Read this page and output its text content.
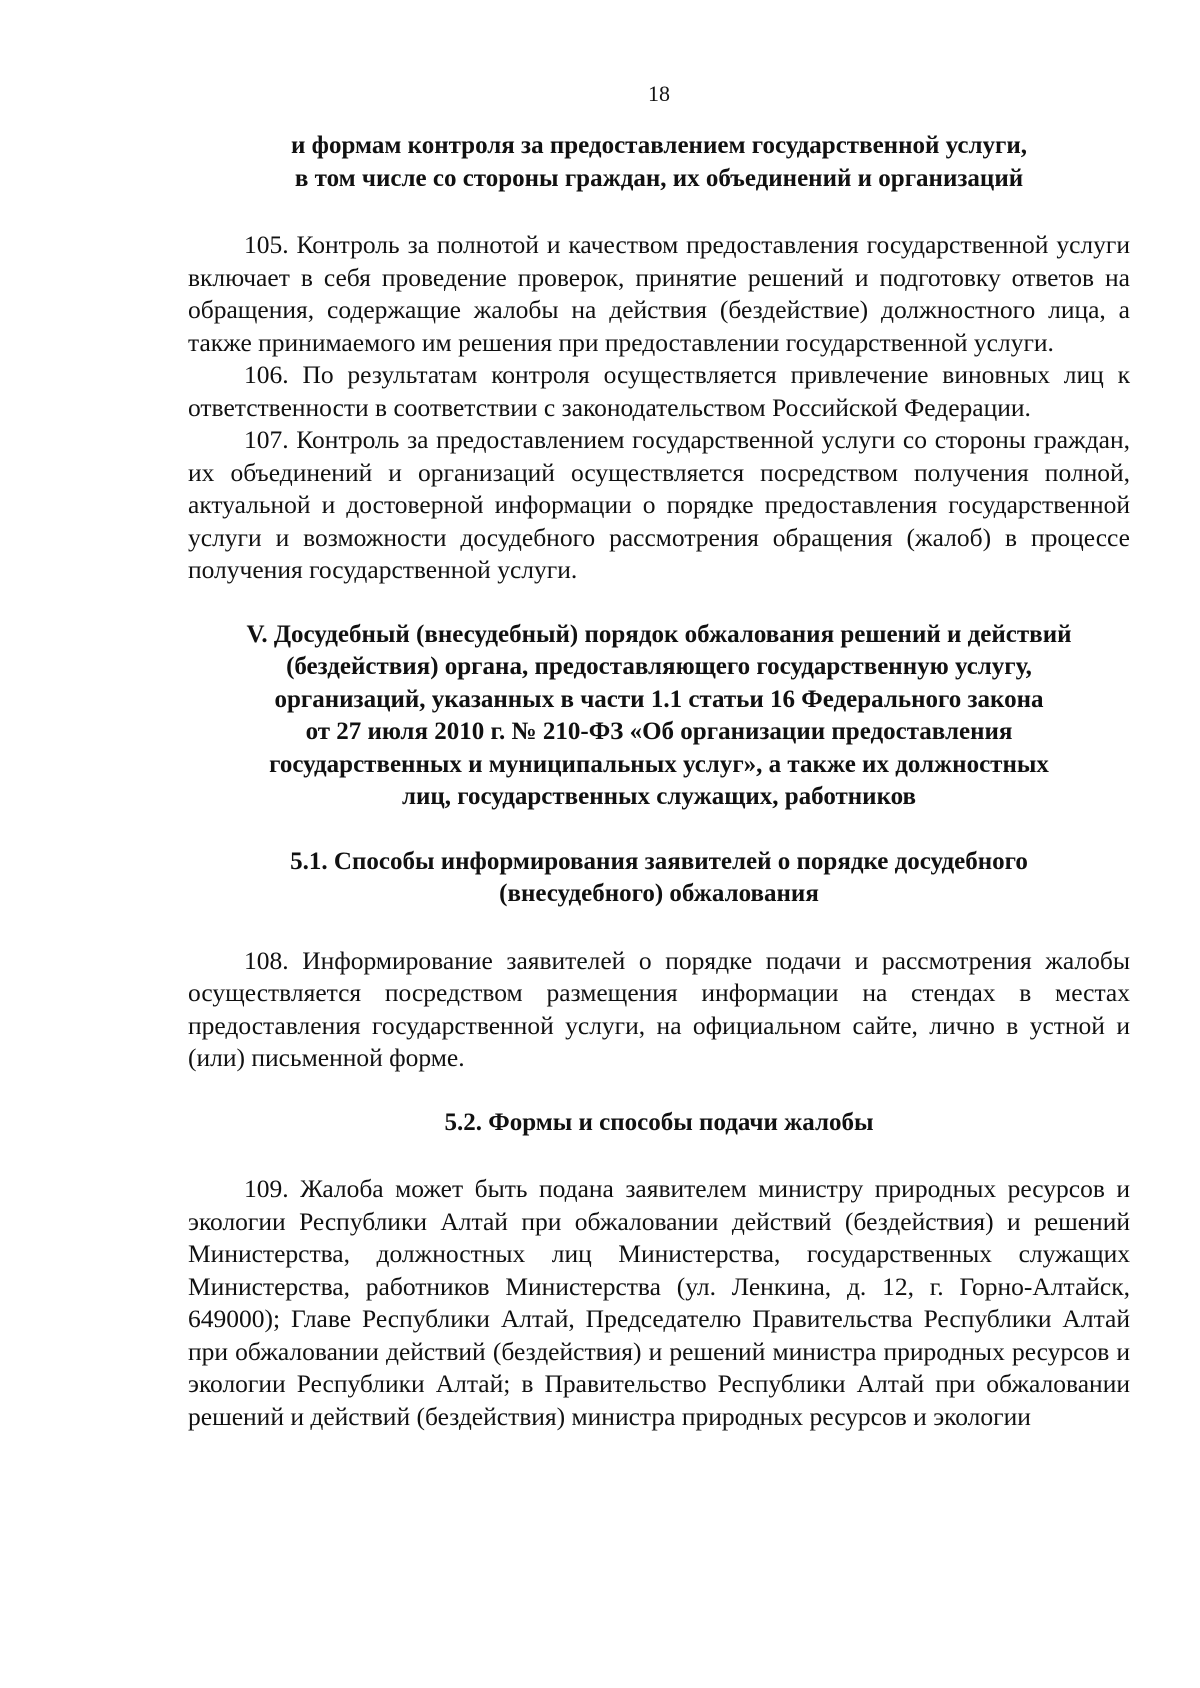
18

и формам контроля за предоставлением государственной услуги,

в том числе со стороны граждан, их объединений и организаций

105. Контроль за полнотой и качеством предоставления государственной услуги включает в себя проведение проверок, принятие решений и подготовку ответов на обращения, содержащие жалобы на действия (бездействие) должностного лица, а также принимаемого им решения при предоставлении государственной услуги.

106. По результатам контроля осуществляется привлечение виновных лиц к ответственности в соответствии с законодательством Российской Федерации.

107. Контроль за предоставлением государственной услуги со стороны граждан, их объединений и организаций осуществляется посредством получения полной, актуальной и достоверной информации о порядке предоставления государственной услуги и возможности досудебного рассмотрения обращения (жалоб) в процессе получения государственной услуги.

V. Досудебный (внесудебный) порядок обжалования решений и действий

(бездействия) органа, предоставляющего государственную услугу,

организаций, указанных в части 1.1 статьи 16 Федерального закона

от 27 июля 2010 г. № 210-ФЗ «Об организации предоставления

государственных и муниципальных услуг», а также их должностных

лиц, государственных служащих, работников

5.1. Способы информирования заявителей о порядке досудебного

(внесудебного) обжалования

108. Информирование заявителей о порядке подачи и рассмотрения жалобы осуществляется посредством размещения информации на стендах в местах предоставления государственной услуги, на официальном сайте, лично в устной и (или) письменной форме.

5.2. Формы и способы подачи жалобы

109. Жалоба может быть подана заявителем министру природных ресурсов и экологии Республики Алтай при обжаловании действий (бездействия) и решений Министерства, должностных лиц Министерства, государственных служащих Министерства, работников Министерства (ул. Ленкина, д. 12, г. Горно-Алтайск, 649000); Главе Республики Алтай, Председателю Правительства Республики Алтай при обжаловании действий (бездействия) и решений министра природных ресурсов и экологии Республики Алтай; в Правительство Республики Алтай при обжаловании решений и действий (бездействия) министра природных ресурсов и экологии
